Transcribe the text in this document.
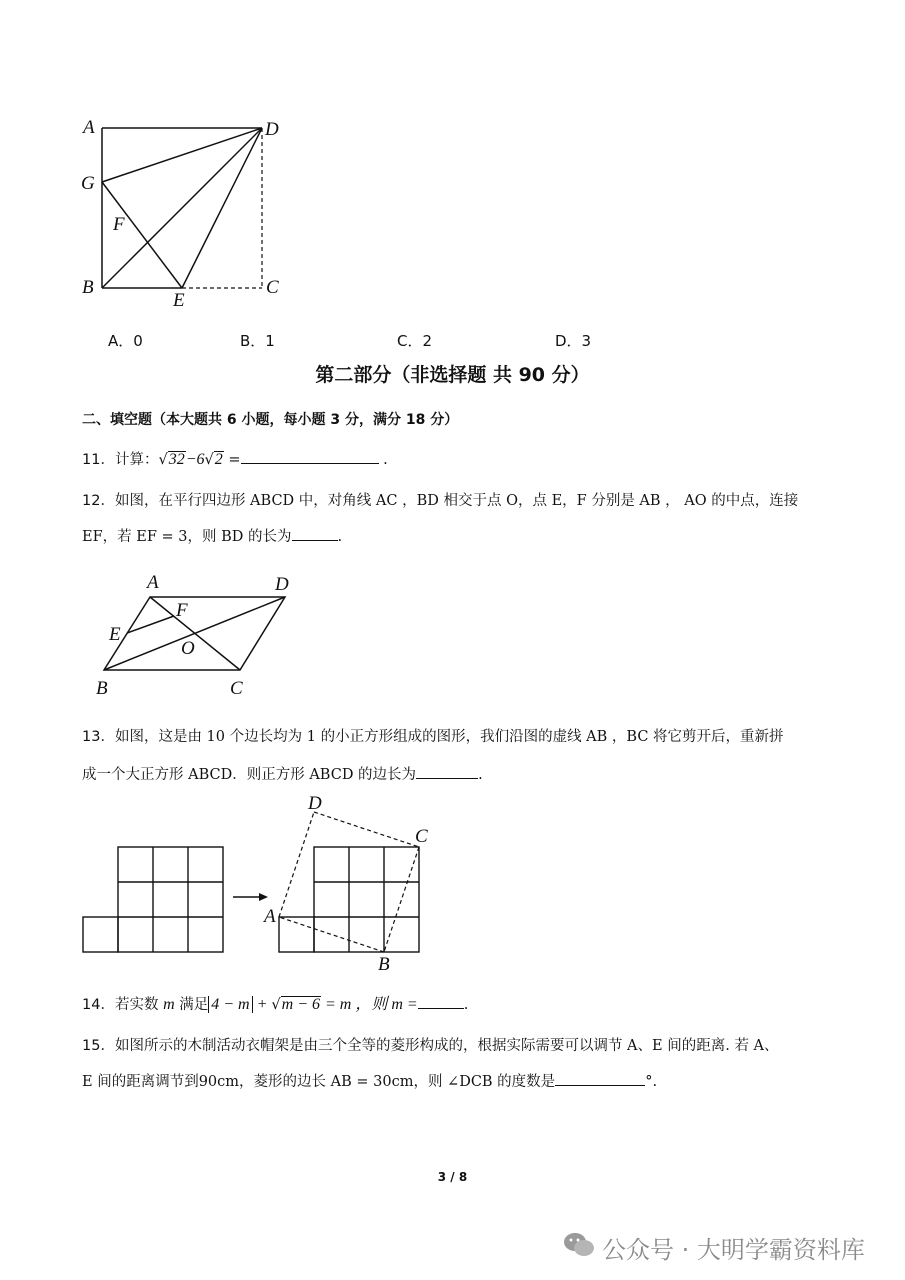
A	D
G
F
B
E
C
A．0	B．1	C．2	D．3
第二部分（非选择题 共 90 分）
二、填空题（本大题共 6 小题，每小题 3 分，满分 18 分）
11．计算：√32−6√2 =	.
12．如图，在平行四边形 ABCD 中，对角线 AC ，BD 相交于点 O，点 E，F 分别是 AB ， AO 的中点，连接
EF，若 EF = 3，则 BD 的长为	.
A	D
F
E
O
B	C
13．如图，这是由 10 个边长均为 1 的小正方形组成的图形，我们沿图的虚线 AB ，BC 将它剪开后，重新拼
成一个大正方形 ABCD．则正方形 ABCD 的边长为	.
D
C
A
B
14．若实数 m 满足 4 − m + √m − 6 = m ，则 m =	.
15．如图所示的木制活动衣帽架是由三个全等的菱形构成的，根据实际需要可以调节 A、E 间的距离. 若 A、
E 间的距离调节到90cm，菱形的边长 AB = 30cm，则 ∠DCB 的度数是	°.
3 / 8
公众号 · 大明学霸资料库
